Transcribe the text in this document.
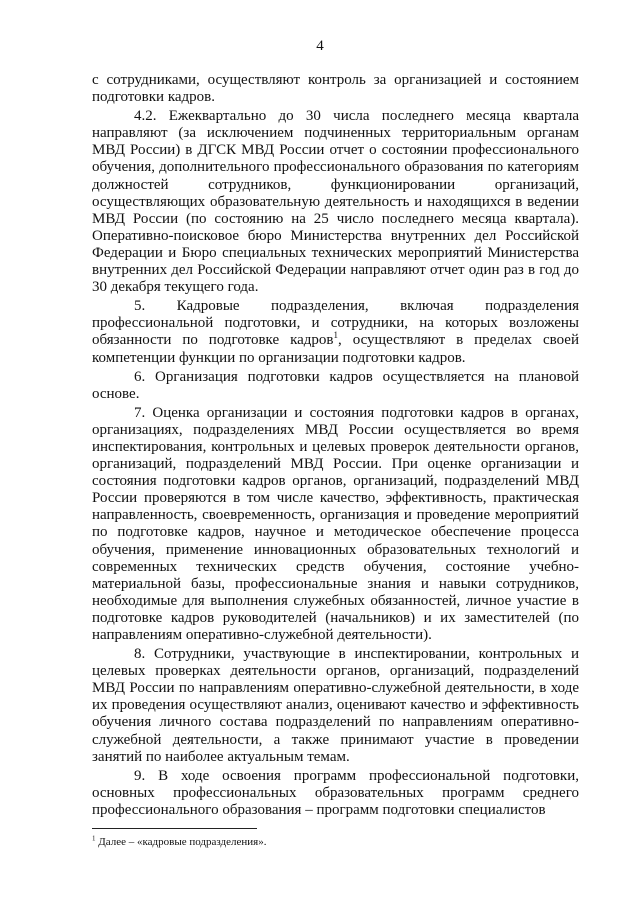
4

с сотрудниками, осуществляют контроль за организацией и состоянием подготовки кадров.

4.2. Ежеквартально до 30 числа последнего месяца квартала направляют (за исключением подчиненных территориальным органам МВД России) в ДГСК МВД России отчет о состоянии профессионального обучения, дополнительного профессионального образования по категориям должностей сотрудников, функционировании организаций, осуществляющих образовательную деятельность и находящихся в ведении МВД России (по состоянию на 25 число последнего месяца квартала). Оперативно-поисковое бюро Министерства внутренних дел Российской Федерации и Бюро специальных технических мероприятий Министерства внутренних дел Российской Федерации направляют отчет один раз в год до 30 декабря текущего года.

5. Кадровые подразделения, включая подразделения профессиональной подготовки, и сотрудники, на которых возложены обязанности по подготовке кадров$^1$, осуществляют в пределах своей компетенции функции по организации подготовки кадров.

6. Организация подготовки кадров осуществляется на плановой основе.

7. Оценка организации и состояния подготовки кадров в органах, организациях, подразделениях МВД России осуществляется во время инспектирования, контрольных и целевых проверок деятельности органов, организаций, подразделений МВД России. При оценке организации и состояния подготовки кадров органов, организаций, подразделений МВД России проверяются в том числе качество, эффективность, практическая направленность, своевременность, организация и проведение мероприятий по подготовке кадров, научное и методическое обеспечение процесса обучения, применение инновационных образовательных технологий и современных технических средств обучения, состояние учебно-материальной базы, профессиональные знания и навыки сотрудников, необходимые для выполнения служебных обязанностей, личное участие в подготовке кадров руководителей (начальников) и их заместителей (по направлениям оперативно-служебной деятельности).

8. Сотрудники, участвующие в инспектировании, контрольных и целевых проверках деятельности органов, организаций, подразделений МВД России по направлениям оперативно-служебной деятельности, в ходе их проведения осуществляют анализ, оценивают качество и эффективность обучения личного состава подразделений по направлениям оперативно-служебной деятельности, а также принимают участие в проведении занятий по наиболее актуальным темам.

9. В ходе освоения программ профессиональной подготовки, основных профессиональных образовательных программ среднего профессионального образования – программ подготовки специалистов

$^1$ Далее – «кадровые подразделения».
